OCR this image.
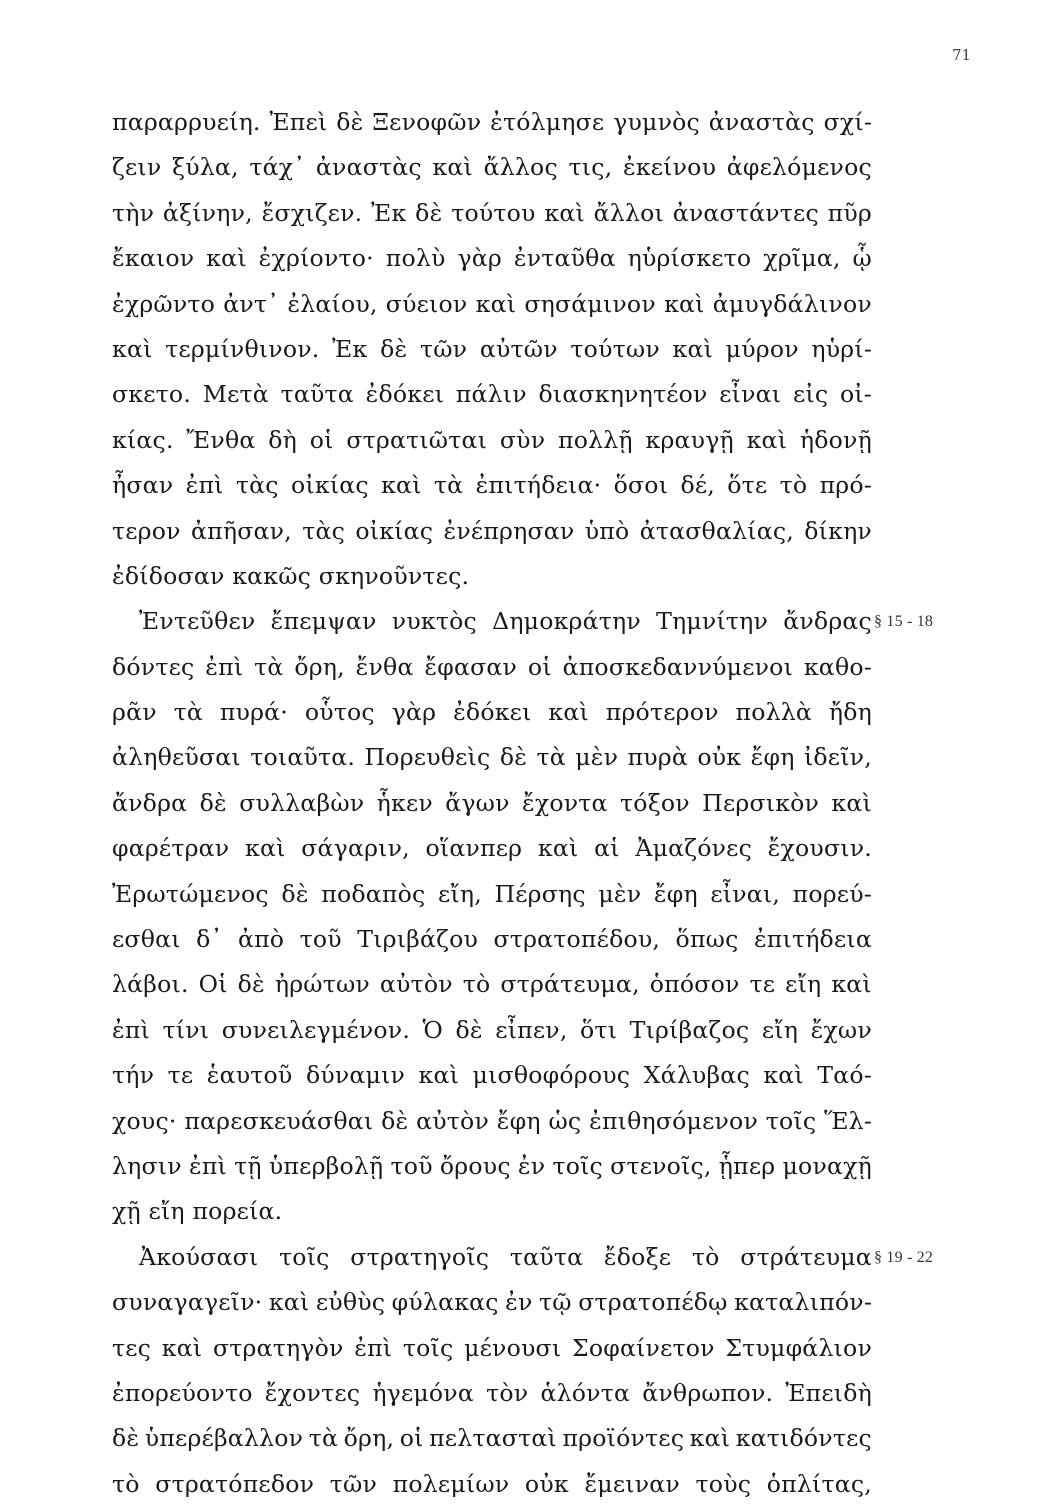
71
παραρρυείη. Ἐπεὶ δὲ Ξενοφῶν ἐτόλμησε γυμνὸς ἀναστὰς σχί-
ζειν ξύλα, τάχ᾽ ἀναστὰς καὶ ἄλλος τις, ἐκείνου ἀφελόμενος
τὴν ἀξίνην, ἔσχιζεν. Ἐκ δὲ τούτου καὶ ἄλλοι ἀναστάντες πῦρ
ἔκαιον καὶ ἐχρίοντο· πολὺ γὰρ ἐνταῦθα ηὑρίσκετο χρῖμα, ᾧ
ἐχρῶντο ἀντ᾽ ἐλαίου, σύειον καὶ σησάμινον καὶ ἀμυγδάλινον
καὶ τερμίνθινον. Ἐκ δὲ τῶν αὐτῶν τούτων καὶ μύρον ηὑρί-
σκετο. Μετὰ ταῦτα ἐδόκει πάλιν διασκηνητέον εἶναι εἰς οἰ-
κίας. Ἔνθα δὴ οἱ στρατιῶται σὺν πολλῇ κραυγῇ καὶ ἡδονῇ
ἦσαν ἐπὶ τὰς οἰκίας καὶ τὰ ἐπιτήδεια· ὅσοι δέ, ὅτε τὸ πρό-
τερον ἀπῆσαν, τὰς οἰκίας ἐνέπρησαν ὑπὸ ἀτασθαλίας, δίκην
ἐδίδοσαν κακῶς σκηνοῦντες.
Ἐντεῦθεν ἔπεμψαν νυκτὸς Δημοκράτην Τημνίτην ἄνδρας § 15 - 18
δόντες ἐπὶ τὰ ὄρη, ἔνθα ἔφασαν οἱ ἀποσκεδαννύμενοι καθο-
ρᾶν τὰ πυρά· οὗτος γὰρ ἐδόκει καὶ πρότερον πολλὰ ἤδη
ἀληθεῦσαι τοιαῦτα. Πορευθεὶς δὲ τὰ μὲν πυρὰ οὐκ ἔφη ἰδεῖν,
ἄνδρα δὲ συλλαβὼν ἧκεν ἄγων ἔχοντα τόξον Περσικὸν καὶ
φαρέτραν καὶ σάγαριν, οἵανπερ καὶ αἱ Ἀμαζόνες ἔχουσιν.
Ἐρωτώμενος δὲ ποδαπὸς εἴη, Πέρσης μὲν ἔφη εἶναι, πορεύ-
εσθαι δ᾽ ἀπὸ τοῦ Τιριβάζου στρατοπέδου, ὅπως ἐπιτήδεια
λάβοι. Οἱ δὲ ἠρώτων αὐτὸν τὸ στράτευμα, ὁπόσον τε εἴη καὶ
ἐπὶ τίνι συνειλεγμένον. Ὁ δὲ εἶπεν, ὅτι Τιρίβαζος εἴη ἔχων
τήν τε ἑαυτοῦ δύναμιν καὶ μισθοφόρους Χάλυβας καὶ Ταό-
χους· παρεσκευάσθαι δὲ αὐτὸν ἔφη ὡς ἐπιθησόμενον τοῖς Ἕλ-
λησιν ἐπὶ τῇ ὑπερβολῇ τοῦ ὄρους ἐν τοῖς στενοῖς, ᾗπερ μοναχῇ
χῇ εἴη πορεία.
Ἀκούσασι τοῖς στρατηγοῖς ταῦτα ἔδοξε τὸ στράτευμα § 19 - 22
συναγαγεῖν· καὶ εὐθὺς φύλακας ἐν τῷ στρατοπέδῳ καταλιπόν-
τες καὶ στρατηγὸν ἐπὶ τοῖς μένουσι Σοφαίνετον Στυμφάλιον
ἐπορεύοντο ἔχοντες ἡγεμόνα τὸν ἁλόντα ἄνθρωπον. Ἐπειδὴ
δὲ ὑπερέβαλλον τὰ ὄρη, οἱ πελτασταὶ προϊόντες καὶ κατιδόντες
τὸ στρατόπεδον τῶν πολεμίων οὐκ ἔμειναν τοὺς ὁπλίτας,
